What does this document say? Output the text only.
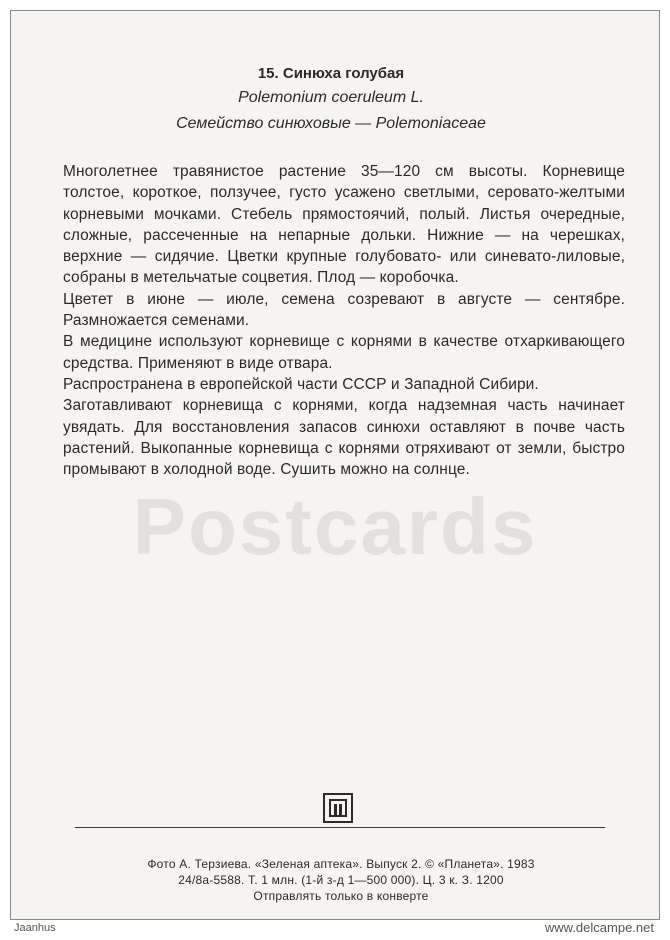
15. Синюха голубая
Polemonium coeruleum L.
Семейство синюховые — Polemoniaceae

Многолетнее травянистое растение 35—120 см высоты. Корневище толстое, короткое, ползучее, густо усажено светлыми, серовато-желтыми корневыми мочками. Стебель прямостоячий, полый. Листья очередные, сложные, рассеченные на непарные дольки. Нижние — на черешках, верхние — сидячие. Цветки крупные голубовато- или синевато-лиловые, собраны в метельчатые соцветия. Плод — коробочка.

Цветет в июне — июле, семена созревают в августе — сентябре. Размножается семенами.

В медицине используют корневище с корнями в качестве отхаркивающего средства. Применяют в виде отвара.

Распространена в европейской части СССР и Западной Сибири.

Заготавливают корневища с корнями, когда надземная часть начинает увядать. Для восстановления запасов синюхи оставляют в почве часть растений. Выкопанные корневища с корнями отряхивают от земли, быстро промывают в холодной воде. Сушить можно на солнце.

Postcards
Фото А. Терзиева. «Зеленая аптека». Выпуск 2. © «Планета». 1983
24/8а-5588. Т. 1 млн. (1-й з-д 1—500 000). Ц. 3 к. З. 1200
Отправлять только в конверте
Jaanhus	www.delcampe.net
